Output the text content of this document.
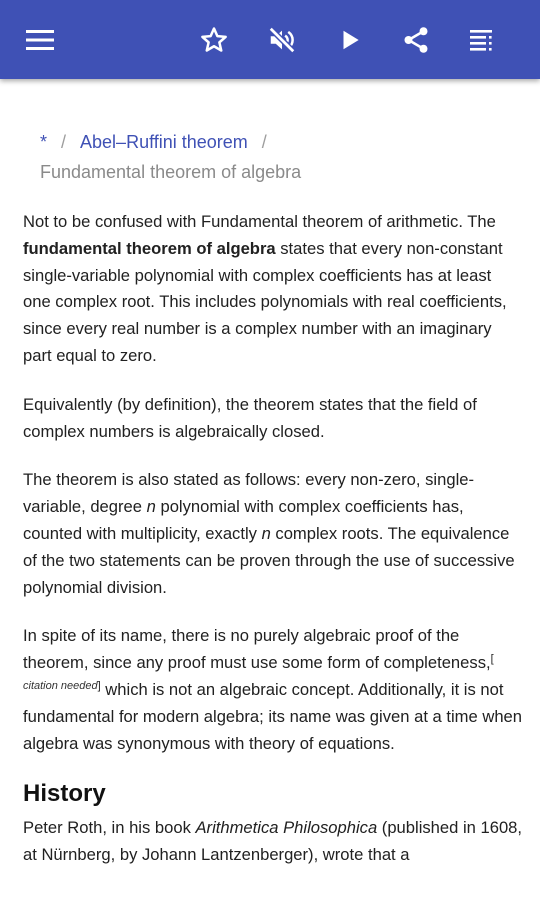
* / Abel–Ruffini theorem /
Fundamental theorem of algebra

Not to be confused with Fundamental theorem of arithmetic. The fundamental theorem of algebra states that every non-constant single-variable polynomial with complex coefficients has at least one complex root. This includes polynomials with real coefficients, since every real number is a complex number with an imaginary part equal to zero.

Equivalently (by definition), the theorem states that the field of complex numbers is algebraically closed.

The theorem is also stated as follows: every non-zero, single-variable, degree n polynomial with complex coefficients has, counted with multiplicity, exactly n complex roots. The equivalence of the two statements can be proven through the use of successive polynomial division.

In spite of its name, there is no purely algebraic proof of the theorem, since any proof must use some form of completeness,[ citation needed] which is not an algebraic concept. Additionally, it is not fundamental for modern algebra; its name was given at a time when algebra was synonymous with theory of equations.

History

Peter Roth, in his book Arithmetica Philosophica (published in 1608, at Nürnberg, by Johann Lantzenberger), wrote that a
